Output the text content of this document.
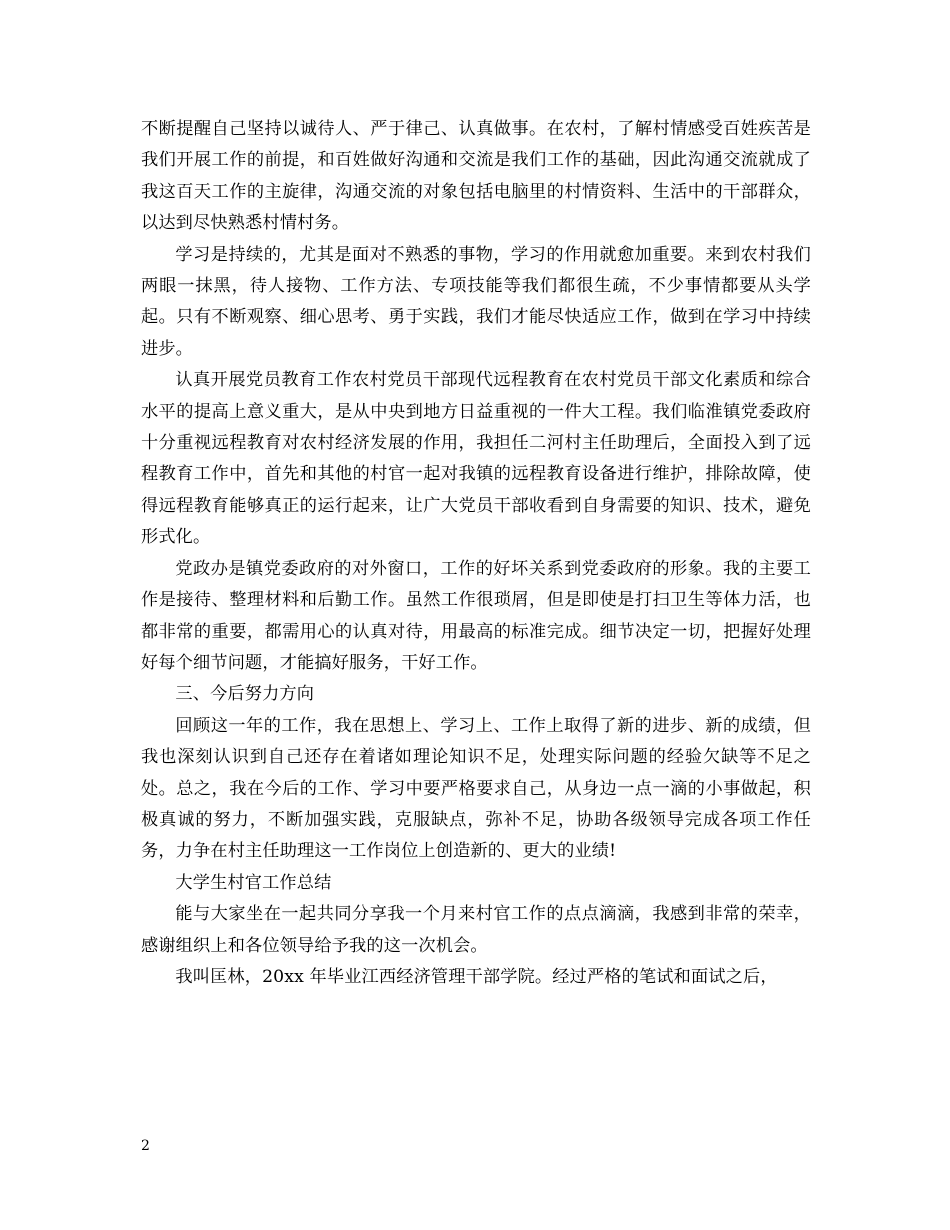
不断提醒自己坚持以诚待人、严于律己、认真做事。在农村，了解村情感受百姓疾苦是我们开展工作的前提，和百姓做好沟通和交流是我们工作的基础，因此沟通交流就成了我这百天工作的主旋律，沟通交流的对象包括电脑里的村情资料、生活中的干部群众，以达到尽快熟悉村情村务。

学习是持续的，尤其是面对不熟悉的事物，学习的作用就愈加重要。来到农村我们两眼一抹黑，待人接物、工作方法、专项技能等我们都很生疏，不少事情都要从头学起。只有不断观察、细心思考、勇于实践，我们才能尽快适应工作，做到在学习中持续进步。

认真开展党员教育工作农村党员干部现代远程教育在农村党员干部文化素质和综合水平的提高上意义重大，是从中央到地方日益重视的一件大工程。我们临淮镇党委政府十分重视远程教育对农村经济发展的作用，我担任二河村主任助理后，全面投入到了远程教育工作中，首先和其他的村官一起对我镇的远程教育设备进行维护，排除故障，使得远程教育能够真正的运行起来，让广大党员干部收看到自身需要的知识、技术，避免形式化。

党政办是镇党委政府的对外窗口，工作的好坏关系到党委政府的形象。我的主要工作是接待、整理材料和后勤工作。虽然工作很琐屑，但是即使是打扫卫生等体力活，也都非常的重要，都需用心的认真对待，用最高的标准完成。细节决定一切，把握好处理好每个细节问题，才能搞好服务，干好工作。

三、今后努力方向

回顾这一年的工作，我在思想上、学习上、工作上取得了新的进步、新的成绩，但我也深刻认识到自己还存在着诸如理论知识不足，处理实际问题的经验欠缺等不足之处。总之，我在今后的工作、学习中要严格要求自己，从身边一点一滴的小事做起，积极真诚的努力，不断加强实践，克服缺点，弥补不足，协助各级领导完成各项工作任务，力争在村主任助理这一工作岗位上创造新的、更大的业绩!

大学生村官工作总结

能与大家坐在一起共同分享我一个月来村官工作的点点滴滴，我感到非常的荣幸，感谢组织上和各位领导给予我的这一次机会。

我叫匡林，20xx 年毕业江西经济管理干部学院。经过严格的笔试和面试之后，

2
